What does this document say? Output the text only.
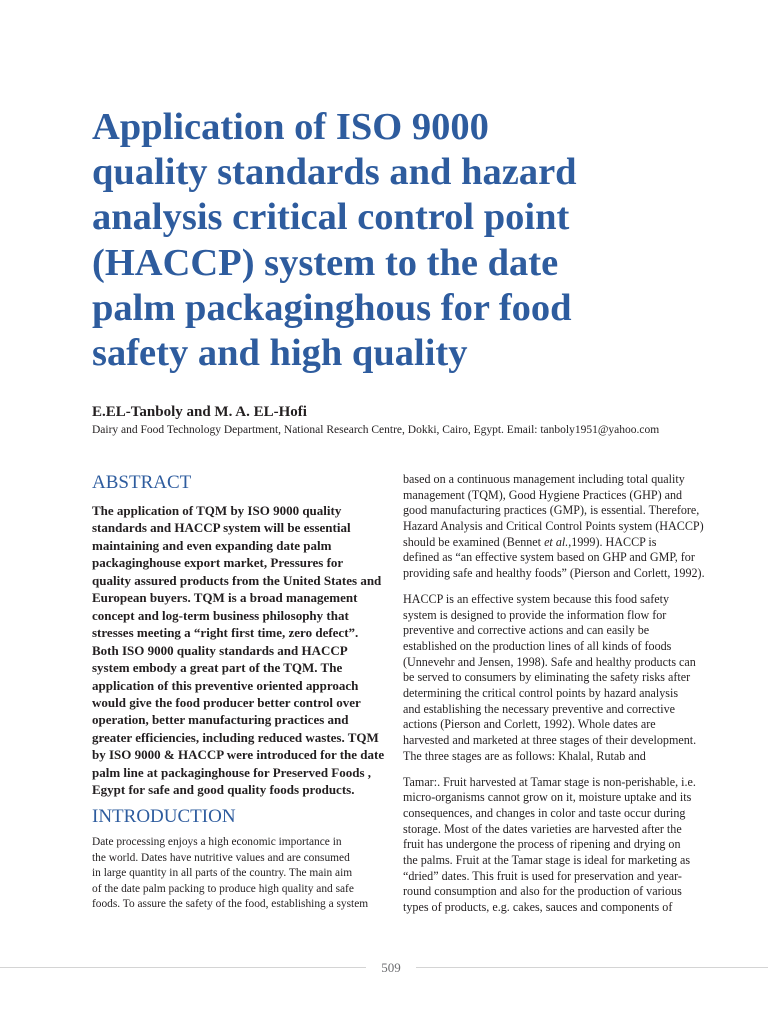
Application of ISO 9000
quality standards and hazard
analysis critical control point
(HACCP) system to the date
palm packaginghous for food
safety and high quality
E.EL-Tanboly and M. A. EL-Hofi
Dairy and Food Technology Department, National Research Centre, Dokki, Cairo, Egypt. Email: tanboly1951@yahoo.com
ABSTRACT
The application of TQM by ISO 9000 quality
standards and HACCP system will be essential
maintaining and even expanding date palm
packaginghouse export market, Pressures for
quality assured products from the United States and
European buyers. TQM is a broad management
concept and log-term business philosophy that
stresses meeting a “right first time, zero defect”.
Both ISO 9000 quality standards and HACCP
system embody a great part of the TQM. The
application of this preventive oriented approach
would give the food producer better control over
operation, better manufacturing practices and
greater efficiencies, including reduced wastes. TQM
by ISO 9000 & HACCP were introduced for the date
palm line at packaginghouse for Preserved Foods ,
Egypt for safe and good quality foods products.
INTRODUCTION
Date processing enjoys a high economic importance in
the world. Dates have nutritive values and are consumed
in large quantity in all parts of the country. The main aim
of the date palm packing to produce high quality and safe
foods. To assure the safety of the food, establishing a system
based on a continuous management including total quality
management (TQM), Good Hygiene Practices (GHP) and
good manufacturing practices (GMP), is essential. Therefore,
Hazard Analysis and Critical Control Points system (HACCP)
should be examined (Bennet et al.,1999). HACCP is
defined as “an effective system based on GHP and GMP, for
providing safe and healthy foods” (Pierson and Corlett, 1992).
HACCP is an effective system because this food safety
system is designed to provide the information flow for
preventive and corrective actions and can easily be
established on the production lines of all kinds of foods
(Unnevehr and Jensen, 1998). Safe and healthy products can
be served to consumers by eliminating the safety risks after
determining the critical control points by hazard analysis
and establishing the necessary preventive and corrective
actions (Pierson and Corlett, 1992). Whole dates are
harvested and marketed at three stages of their development.
The three stages are as follows: Khalal, Rutab and
Tamar:. Fruit harvested at Tamar stage is non-perishable, i.e.
micro-organisms cannot grow on it, moisture uptake and its
consequences, and changes in color and taste occur during
storage. Most of the dates varieties are harvested after the
fruit has undergone the process of ripening and drying on
the palms. Fruit at the Tamar stage is ideal for marketing as
“dried” dates. This fruit is used for preservation and year-
round consumption and also for the production of various
types of products, e.g. cakes, sauces and components of
509
